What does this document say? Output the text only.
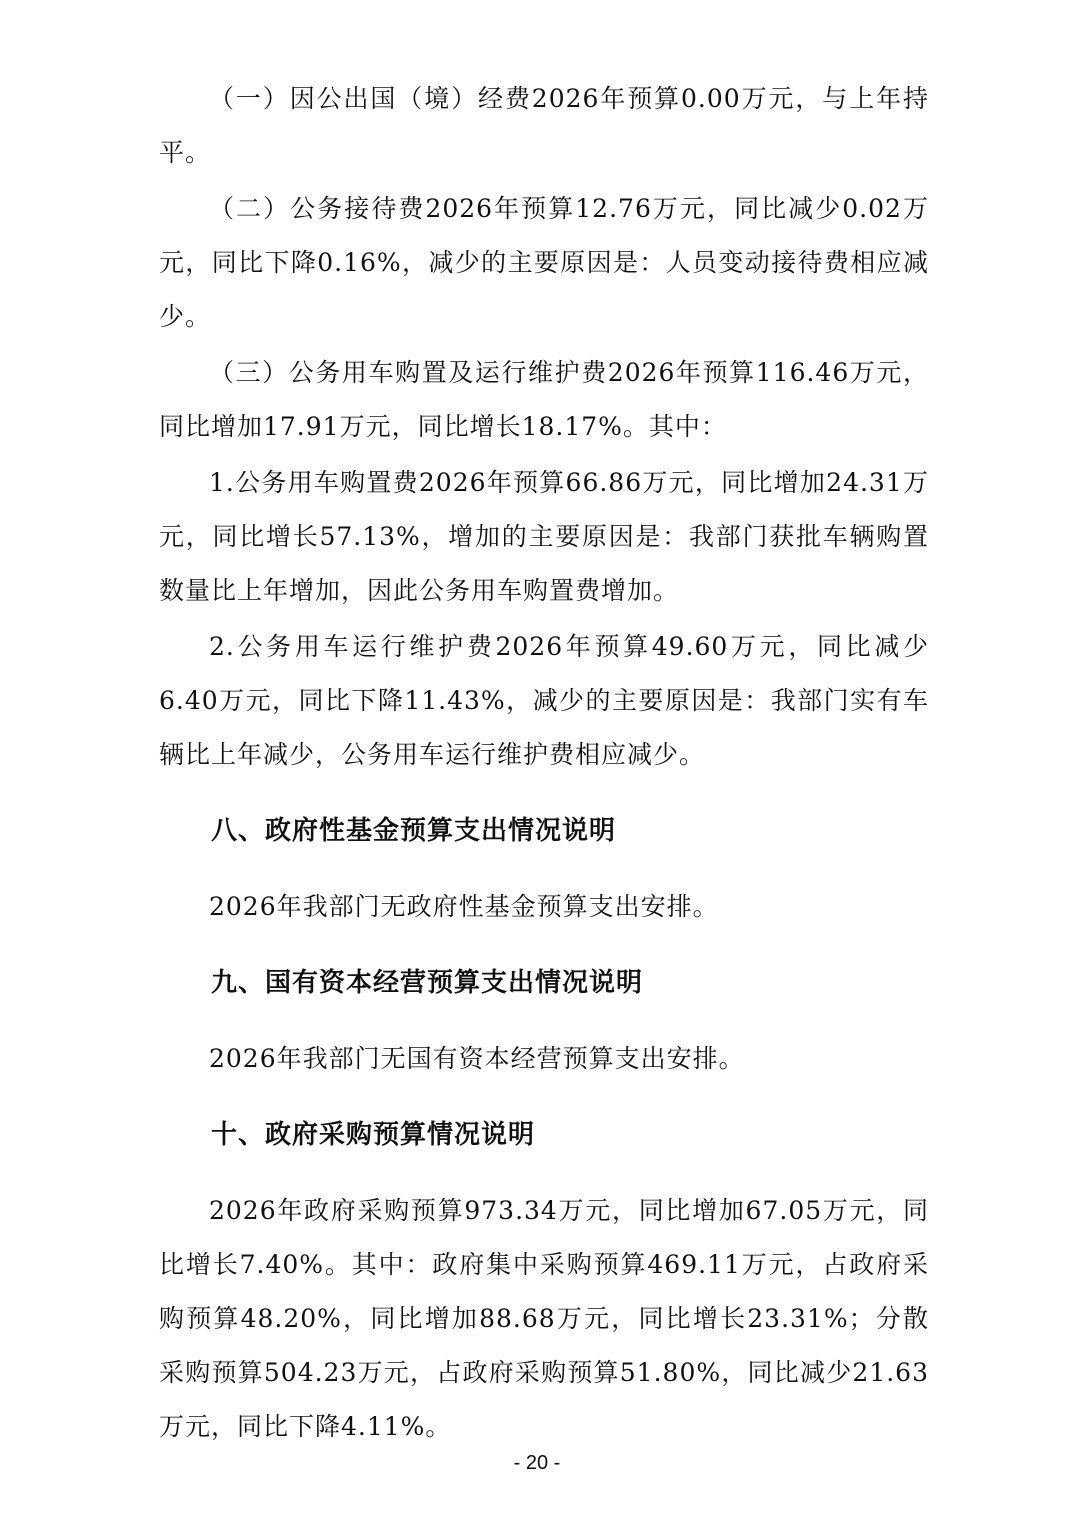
（一）因公出国（境）经费2026年预算0.00万元，与上年持平。

（二）公务接待费2026年预算12.76万元，同比减少0.02万元，同比下降0.16%，减少的主要原因是：人员变动接待费相应减少。

（三）公务用车购置及运行维护费2026年预算116.46万元，同比增加17.91万元，同比增长18.17%。其中：

1.公务用车购置费2026年预算66.86万元，同比增加24.31万元，同比增长57.13%，增加的主要原因是：我部门获批车辆购置数量比上年增加，因此公务用车购置费增加。

2.公务用车运行维护费2026年预算49.60万元，同比减少6.40万元，同比下降11.43%，减少的主要原因是：我部门实有车辆比上年减少，公务用车运行维护费相应减少。

八、政府性基金预算支出情况说明

2026年我部门无政府性基金预算支出安排。

九、国有资本经营预算支出情况说明

2026年我部门无国有资本经营预算支出安排。

十、政府采购预算情况说明

2026年政府采购预算973.34万元，同比增加67.05万元，同比增长7.40%。其中：政府集中采购预算469.11万元，占政府采购预算48.20%，同比增加88.68万元，同比增长23.31%；分散采购预算504.23万元，占政府采购预算51.80%，同比减少21.63万元，同比下降4.11%。

- 20 -
